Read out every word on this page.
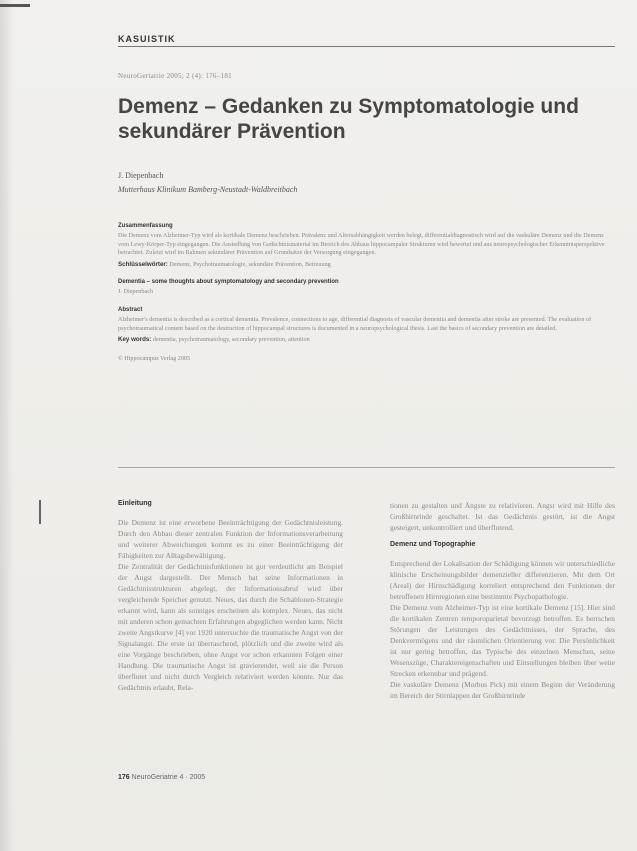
KASUISTIK
NeuroGeriatrie 2005; 2 (4): 176–181
Demenz – Gedanken zu Symptomatologie und sekundärer Prävention
J. Diepenbach
Mutterhaus Klinikum Bamberg-Neustadt-Waldbreitbach

Zusammenfassung

Die Demenz vom Alzheimer-Typ wird als kortikale Demenz beschrieben. Prävalenz und Altersabhängigkeit werden belegt, differentialdiagnostisch wird auf die vaskuläre Demenz und die Demenz vom Lewy-Körper-Typ eingegangen. Die Ansiedlung von Gedächtnismaterial im Bereich des Abbaus hippocampaler Strukturen wird bewertet und aus neuropsychologischer Erkenntnisperspektive betrachtet. Zuletzt wird im Rahmen sekundärer Prävention auf Grundsätze der Versorgung eingegangen.

Schlüsselwörter: Demenz, Psychotraumatologie, sekundäre Prävention, Betreuung

Dementia – some thoughts about symptomatology and secondary prevention

J. Diepenbach

Abstract

Alzheimer's dementia is described as a cortical dementia. Prevalence, connections to age, differential diagnosis of vascular dementia and dementia after stroke are presented. The evaluation of psychotraumatical content based on the destruction of hippocampal structures is documented in a neuropsychological thesis. Last the basics of secondary prevention are detailed.

Key words: dementia, psychotraumatology, secondary prevention, attention

© Hippocampus Verlag 2005

Einleitung

Die Demenz ist eine erworbene Beeinträchtigung der Gedächtnisleistung. Durch den Abbau dieser zentralen Funktion der Informationsverarbeitung und weiterer Abweichungen kommt es zu einer Beeinträchtigung der Fähigkeiten zur Alltagsbewältigung.

Die Zentralität der Gedächtnisfunktionen ist gut verdeutlicht am Beispiel der Angst dargestellt. Der Mensch hat seine Informationen in Gedächtnisstrukturen abgelegt, der Informationsabruf wird über vergleichende Speicher genutzt. Neues, das durch die Schablonen-Strategie erkannt wird, kann als sonniges erscheinen als komplex. Neues, das nicht mit anderen schon gemachten Erfahrungen abgeglichen werden kann. Nicht zweite Angstkurve [4] vor 1920 untersuchte die traumatische Angst von der Signalangst. Die erste ist überraschend, plötzlich und die zweite wird als eine Vorgänge beschrieben, ohne Angst vor schon erkannten Folgen einer Handlung. Die traumatische Angst ist gravierender, weil sie die Person überflutet und nicht durch Vergleich relativiert werden könnte. Nur das Gedächtnis erlaubt, Rela-

tionen zu gestalten und Ängste zu relativieren. Angst wird mit Hilfe des Großhirnrinde geschaltet. Ist das Gedächtnis gestört, ist die Angst gesteigert, unkontrolliert und überflutend.

Demenz und Topographie

Entsprechend der Lokalisation der Schädigung können wir unterschiedliche klinische Erscheinungsbilder demenzieller differenzieren. Mit dem Ort (Areal) der Hirnschädigung korreliert entsprechend den Funktionen der betroffenen Hirnregionen eine bestimmte Psychopathologie.

Die Demenz vom Alzheimer-Typ ist eine kortikale Demenz [15]. Hier sind die kortikalen Zentren temporoparietal bevorzugt betroffen. Es herrschen Störungen der Leistungen des Gedächtnisses, der Sprache, des Denkvermögens und der räumlichen Orientierung vor. Die Persönlichkeit ist nur gering betroffen, das Typische des einzelnen Menschen, seine Wesenszüge, Charaktereigenschaften und Einstellungen bleiben über weite Strecken erkennbar und prägend.

Die vaskuläre Demenz (Morbus Pick) mit einem Beginn der Veränderung im Bereich der Stirnlappen der Großhirnrinde

176 NeuroGeriatrie 4 · 2005
